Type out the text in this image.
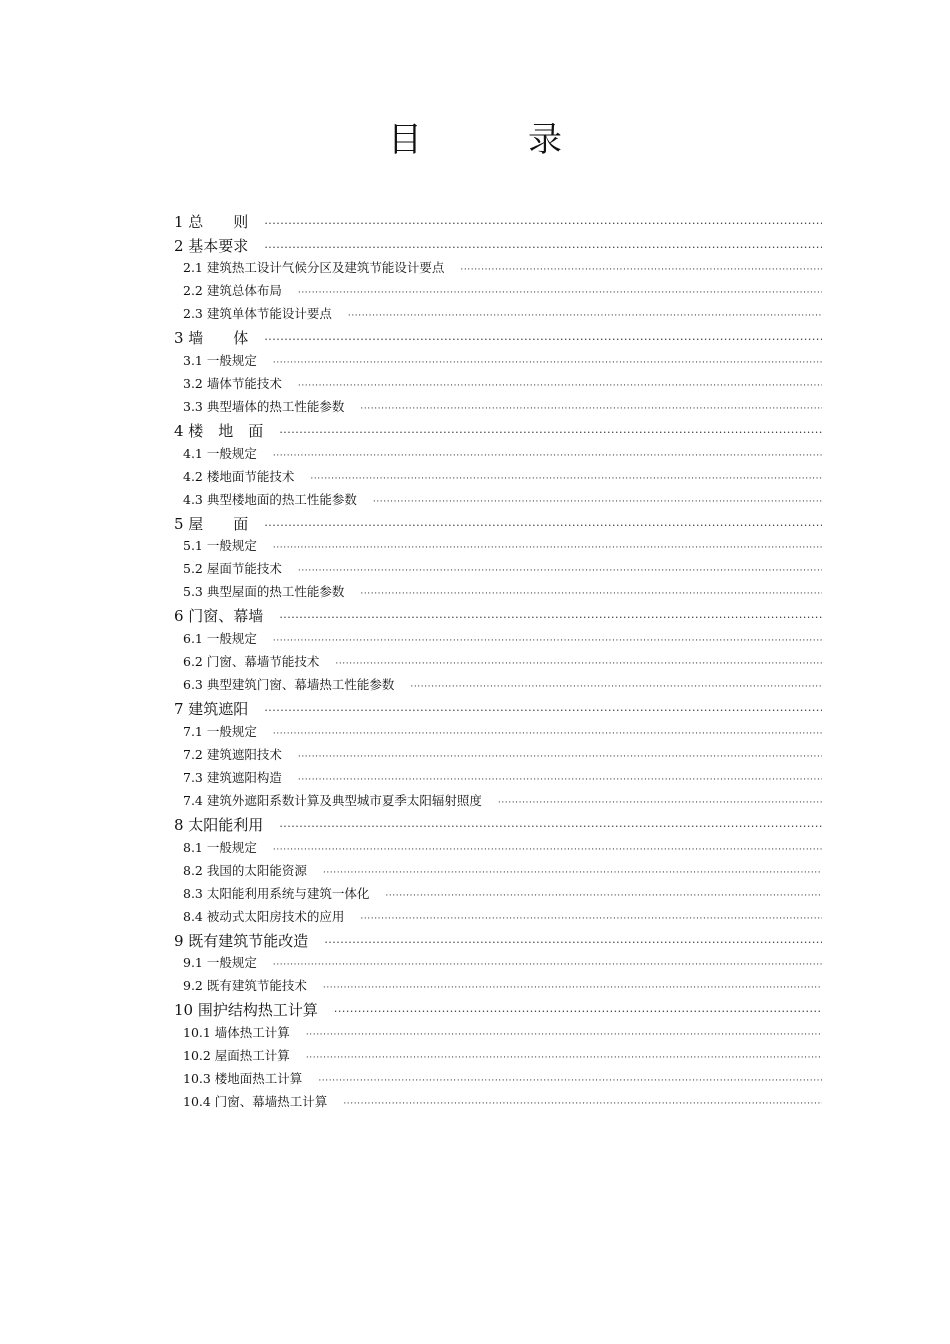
目　录
1 总　　则
·····
2 基本要求
·····
2.1 建筑热工设计气候分区及建筑节能设计要点
·····
2.2 建筑总体布局
·····
2.3 建筑单体节能设计要点
·····
3 墙　　体
·····
3.1 一般规定
·····
3.2 墙体节能技术
·····
3.3 典型墙体的热工性能参数
·····
4 楼　地　面
·····
4.1 一般规定
·····
4.2 楼地面节能技术
·····
4.3 典型楼地面的热工性能参数
·····
5 屋　　面
·····
5.1 一般规定
·····
5.2 屋面节能技术
·····
5.3 典型屋面的热工性能参数
·····
6 门窗、幕墙
·····
6.1 一般规定
·····
6.2 门窗、幕墙节能技术
·····
6.3 典型建筑门窗、幕墙热工性能参数
·····
7 建筑遮阳
·····
7.1 一般规定
·····
7.2 建筑遮阳技术
·····
7.3 建筑遮阳构造
·····
7.4 建筑外遮阳系数计算及典型城市夏季太阳辐射照度
·····
8 太阳能利用
·····
8.1 一般规定
·····
8.2 我国的太阳能资源
·····
8.3 太阳能利用系统与建筑一体化
·····
8.4 被动式太阳房技术的应用
·····
9 既有建筑节能改造
·····
9.1 一般规定
·····
9.2 既有建筑节能技术
·····
10 围护结构热工计算
·····
10.1 墙体热工计算
·····
10.2 屋面热工计算
·····
10.3 楼地面热工计算
·····
10.4 门窗、幕墙热工计算
·····
